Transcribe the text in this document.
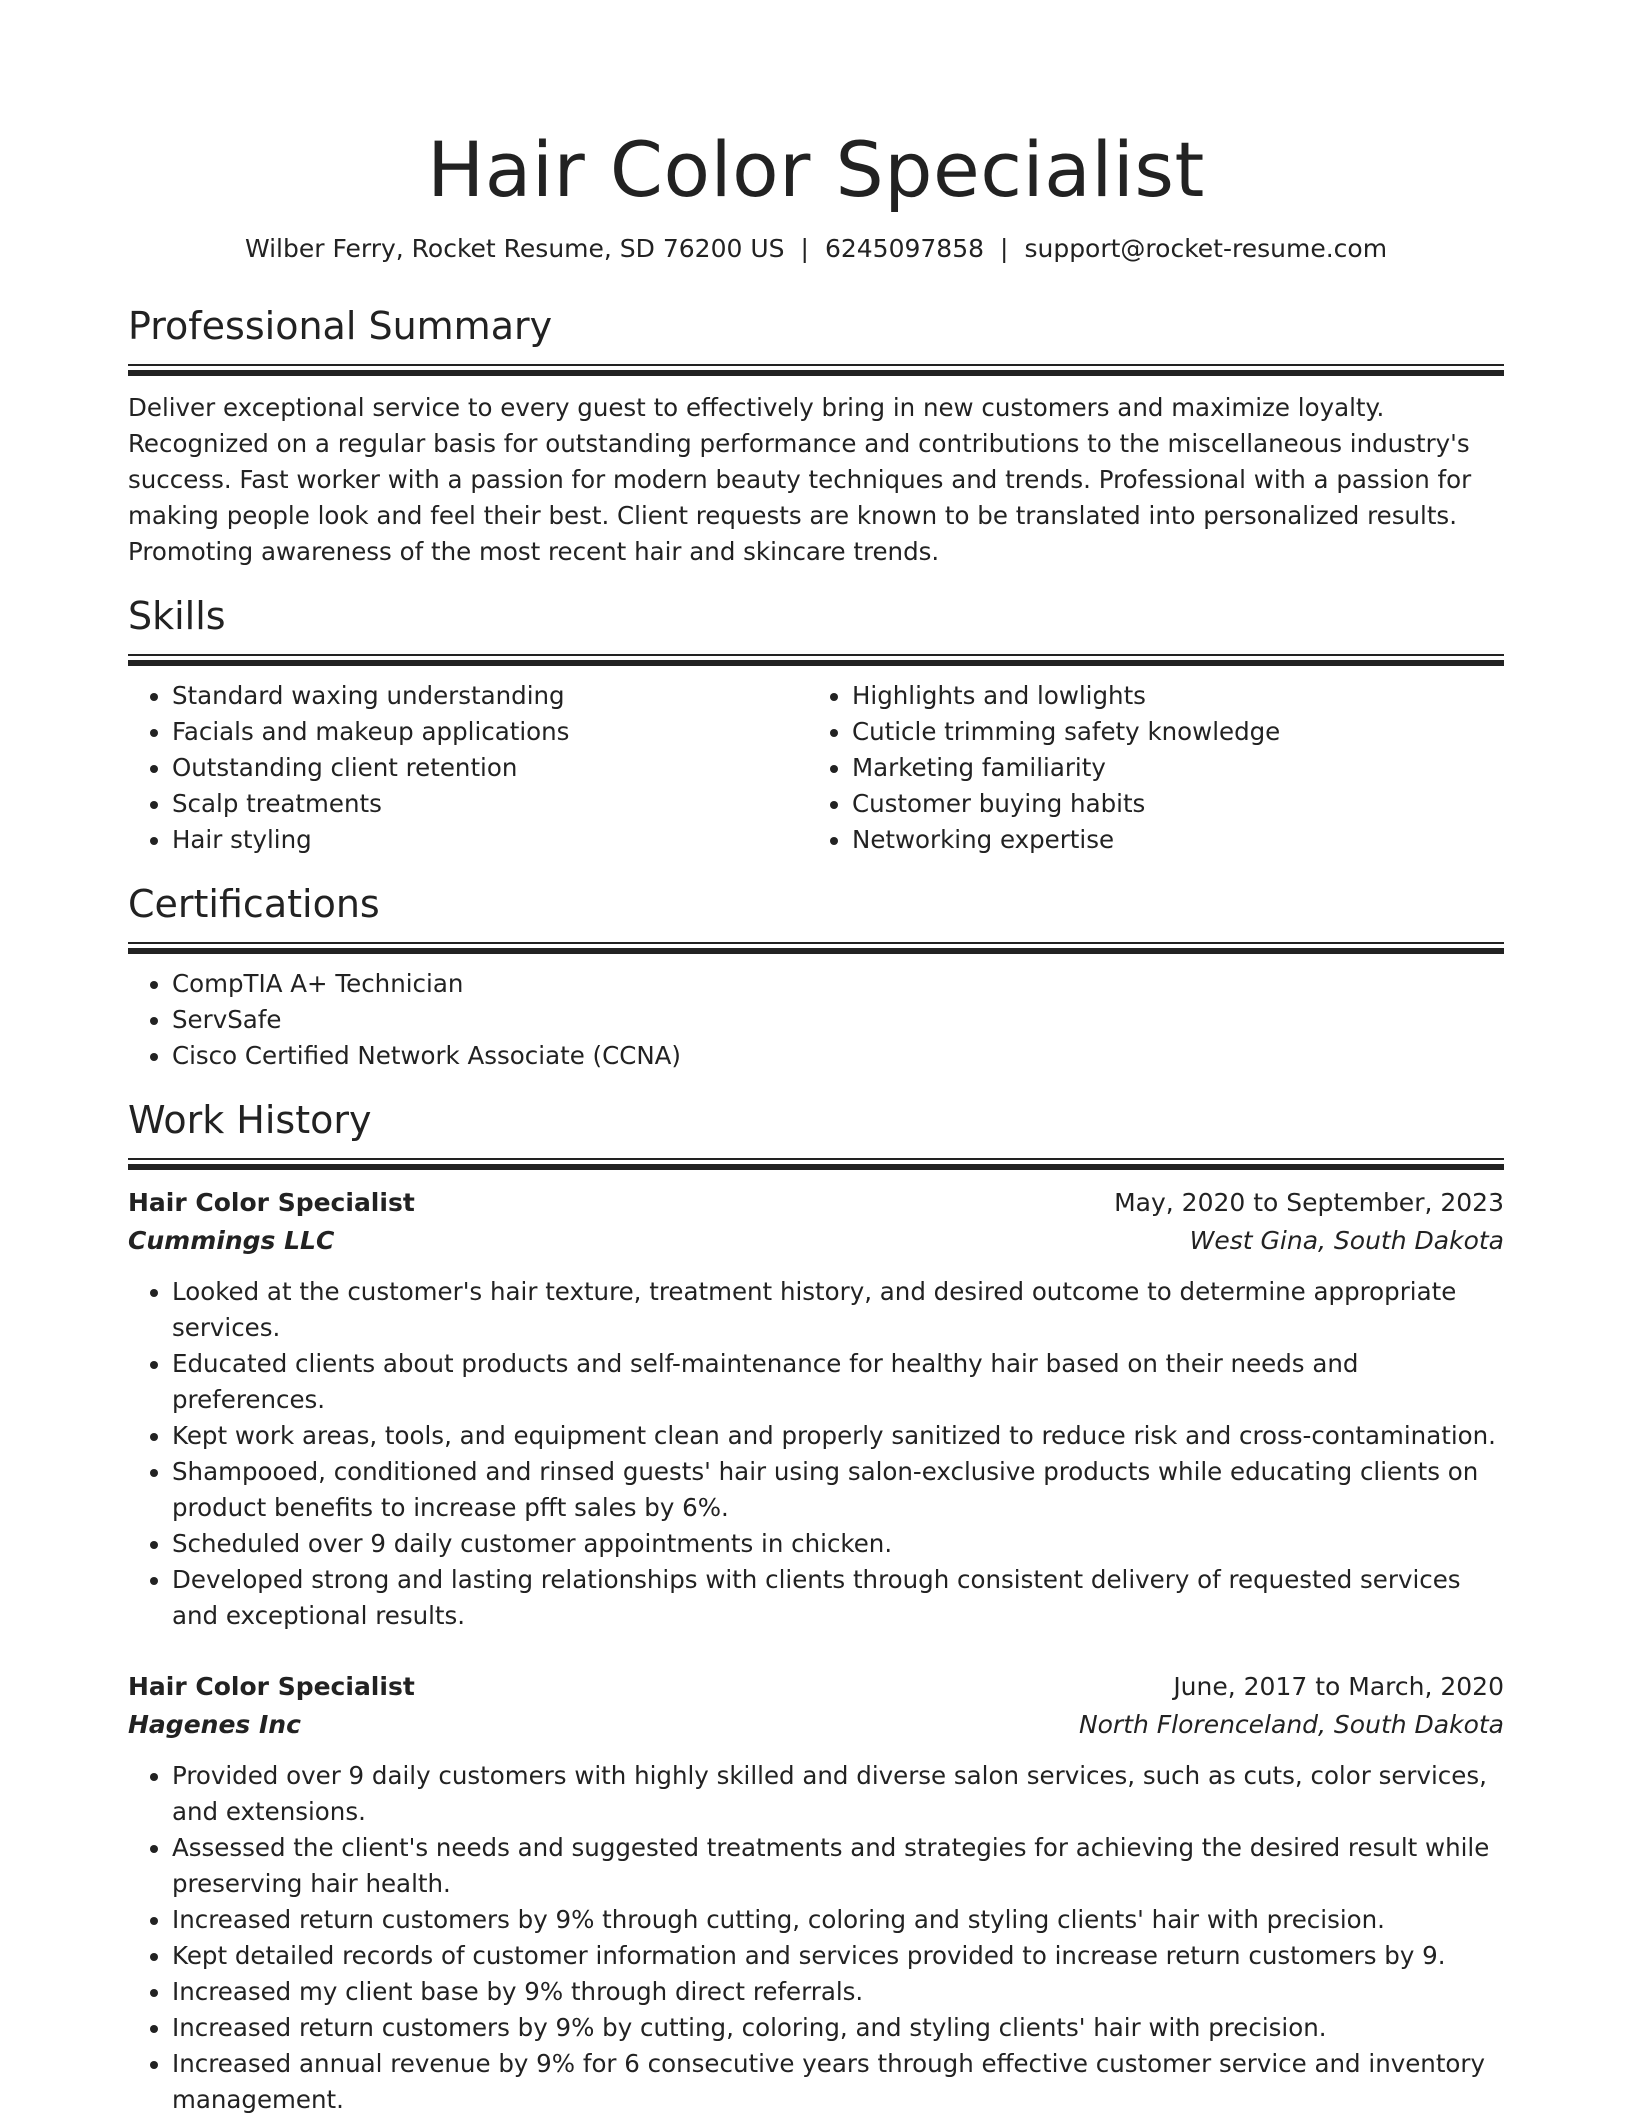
Hair Color Specialist
Wilber Ferry, Rocket Resume, SD 76200 US | 6245097858 | support@rocket-resume.com
Professional Summary

Deliver exceptional service to every guest to effectively bring in new customers and maximize loyalty. Recognized on a regular basis for outstanding performance and contributions to the miscellaneous industry's success. Fast worker with a passion for modern beauty techniques and trends. Professional with a passion for making people look and feel their best. Client requests are known to be translated into personalized results. Promoting awareness of the most recent hair and skincare trends.

Skills
• Standard waxing understanding
• Facials and makeup applications
• Outstanding client retention
• Scalp treatments
• Hair styling
• Highlights and lowlights
• Cuticle trimming safety knowledge
• Marketing familiarity
• Customer buying habits
• Networking expertise
Certifications
• CompTIA A+ Technician
• ServSafe
• Cisco Certified Network Associate (CCNA)
Work History
Hair Color Specialist	May, 2020 to September, 2023
Cummings LLC	West Gina, South Dakota
• Looked at the customer's hair texture, treatment history, and desired outcome to determine appropriate services.
• Educated clients about products and self-maintenance for healthy hair based on their needs and preferences.
• Kept work areas, tools, and equipment clean and properly sanitized to reduce risk and cross-contamination.
• Shampooed, conditioned and rinsed guests' hair using salon-exclusive products while educating clients on product benefits to increase pfft sales by 6%.
• Scheduled over 9 daily customer appointments in chicken.
• Developed strong and lasting relationships with clients through consistent delivery of requested services and exceptional results.
Hair Color Specialist	June, 2017 to March, 2020
Hagenes Inc	North Florenceland, South Dakota
• Provided over 9 daily customers with highly skilled and diverse salon services, such as cuts, color services, and extensions.
• Assessed the client's needs and suggested treatments and strategies for achieving the desired result while preserving hair health.
• Increased return customers by 9% through cutting, coloring and styling clients' hair with precision.
• Kept detailed records of customer information and services provided to increase return customers by 9.
• Increased my client base by 9% through direct referrals.
• Increased return customers by 9% by cutting, coloring, and styling clients' hair with precision.
• Increased annual revenue by 9% for 6 consecutive years through effective customer service and inventory management.
